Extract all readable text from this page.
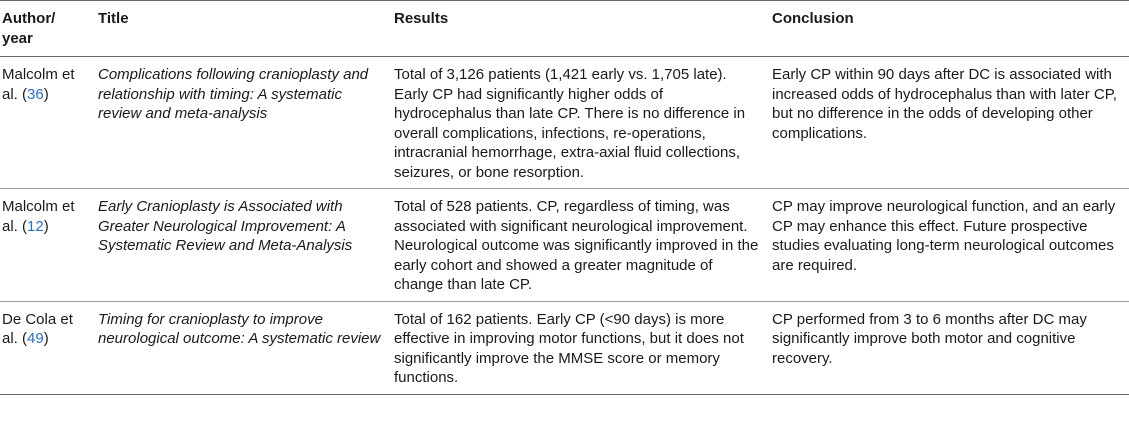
Author/ year	Title	Results	Conclusion
Malcolm et al. (36)	Complications following cranioplasty and relationship with timing: A systematic review and meta-analysis	Total of 3,126 patients (1,421 early vs. 1,705 late). Early CP had significantly higher odds of hydrocephalus than late CP. There is no difference in overall complications, infections, re-operations, intracranial hemorrhage, extra-axial fluid collections, seizures, or bone resorption.	Early CP within 90 days after DC is associated with increased odds of hydrocephalus than with later CP, but no difference in the odds of developing other complications.
Malcolm et al. (12)	Early Cranioplasty is Associated with Greater Neurological Improvement: A Systematic Review and Meta-Analysis	Total of 528 patients. CP, regardless of timing, was associated with significant neurological improvement. Neurological outcome was significantly improved in the early cohort and showed a greater magnitude of change than late CP.	CP may improve neurological function, and an early CP may enhance this effect. Future prospective studies evaluating long-term neurological outcomes are required.
De Cola et al. (49)	Timing for cranioplasty to improve neurological outcome: A systematic review	Total of 162 patients. Early CP (<90 days) is more effective in improving motor functions, but it does not significantly improve the MMSE score or memory functions.	CP performed from 3 to 6 months after DC may significantly improve both motor and cognitive recovery.
